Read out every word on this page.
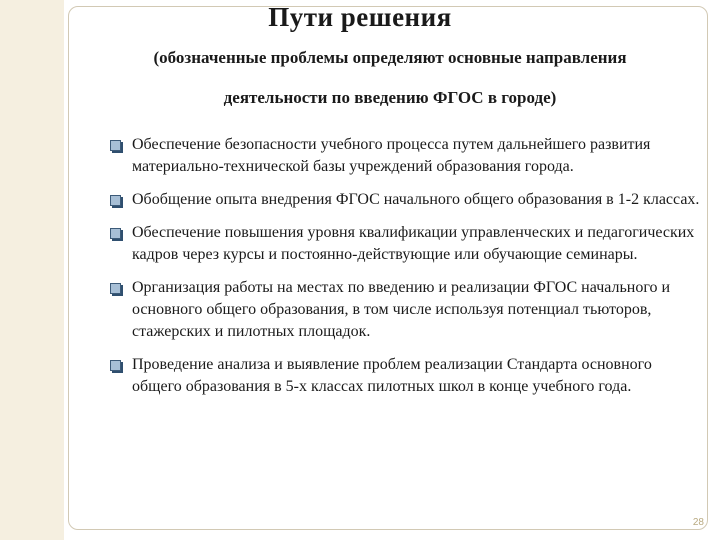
Пути решения
(обозначенные проблемы определяют основные направления
деятельности по введению ФГОС в городе)
Обеспечение безопасности учебного процесса путем дальнейшего развития материально-технической базы учреждений образования города.
Обобщение опыта внедрения ФГОС начального общего образования в 1-2 классах.
Обеспечение повышения уровня квалификации управленческих и педагогических кадров через курсы и постоянно-действующие или обучающие семинары.
Организация работы на местах по введению и реализации ФГОС начального и основного общего образования, в том числе используя потенциал тьюторов, стажерских и пилотных площадок.
Проведение анализа и выявление проблем реализации Стандарта основного общего образования в 5-х классах пилотных школ в конце учебного года.
28
